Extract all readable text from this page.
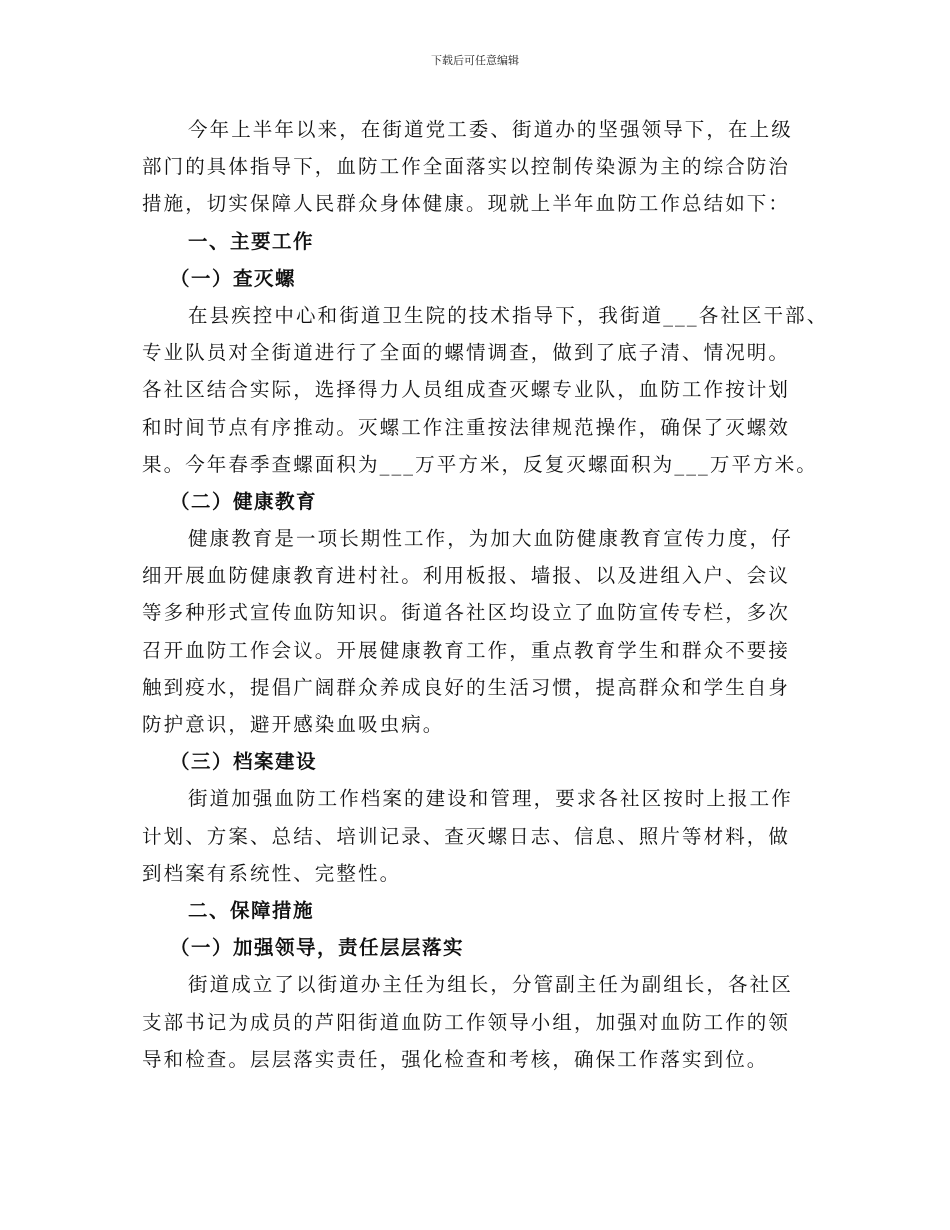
下载后可任意编辑
今年上半年以来，在街道党工委、街道办的坚强领导下，在上级
部门的具体指导下，血防工作全面落实以控制传染源为主的综合防治
措施，切实保障人民群众身体健康。现就上半年血防工作总结如下：
一、主要工作
（一）查灭螺
在县疾控中心和街道卫生院的技术指导下，我街道___各社区干部、
专业队员对全街道进行了全面的螺情调查，做到了底子清、情况明。
各社区结合实际，选择得力人员组成查灭螺专业队，血防工作按计划
和时间节点有序推动。灭螺工作注重按法律规范操作，确保了灭螺效
果。今年春季查螺面积为___万平方米，反复灭螺面积为___万平方米。
（二）健康教育
健康教育是一项长期性工作，为加大血防健康教育宣传力度，仔
细开展血防健康教育进村社。利用板报、墙报、以及进组入户、会议
等多种形式宣传血防知识。街道各社区均设立了血防宣传专栏，多次
召开血防工作会议。开展健康教育工作，重点教育学生和群众不要接
触到疫水，提倡广阔群众养成良好的生活习惯，提高群众和学生自身
防护意识，避开感染血吸虫病。
（三）档案建设
街道加强血防工作档案的建设和管理，要求各社区按时上报工作
计划、方案、总结、培训记录、查灭螺日志、信息、照片等材料，做
到档案有系统性、完整性。
二、保障措施
（一）加强领导，责任层层落实
街道成立了以街道办主任为组长，分管副主任为副组长，各社区
支部书记为成员的芦阳街道血防工作领导小组，加强对血防工作的领
导和检查。层层落实责任，强化检查和考核，确保工作落实到位。
